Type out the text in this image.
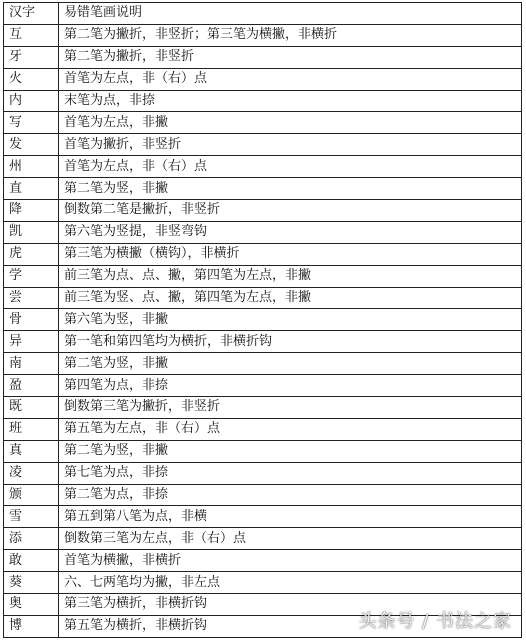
汉字	易错笔画说明
互	第二笔为撇折，非竖折；第三笔为横撇，非横折
牙	第二笔为撇折，非竖折
火	首笔为左点，非（右）点
内	末笔为点，非捺
写	首笔为左点，非撇
发	首笔为撇折，非竖折
州	首笔为左点，非（右）点
直	第二笔为竖，非撇
降	倒数第二笔是撇折，非竖折
凯	第六笔为竖提，非竖弯钩
虎	第三笔为横撇（横钩），非横折
学	前三笔为点、点、撇，第四笔为左点，非撇
尝	前三笔为竖、点、撇，第四笔为左点，非撇
骨	第六笔为竖，非撇
异	第一笔和第四笔均为横折，非横折钩
南	第二笔为竖，非撇
盈	第四笔为点，非捺
既	倒数第三笔为撇折，非竖折
班	第五笔为左点，非（右）点
真	第二笔为竖，非撇
凌	第七笔为点，非捺
颁	第二笔为点，非捺
雪	第五到第八笔为点，非横
添	倒数第三笔为左点，非（右）点
敢	首笔为横撇，非横折
葵	六、七两笔均为撇，非左点
奥	第三笔为横折，非横折钩
博	第五笔为横折，非横折钩	头条号 / 书法之家
